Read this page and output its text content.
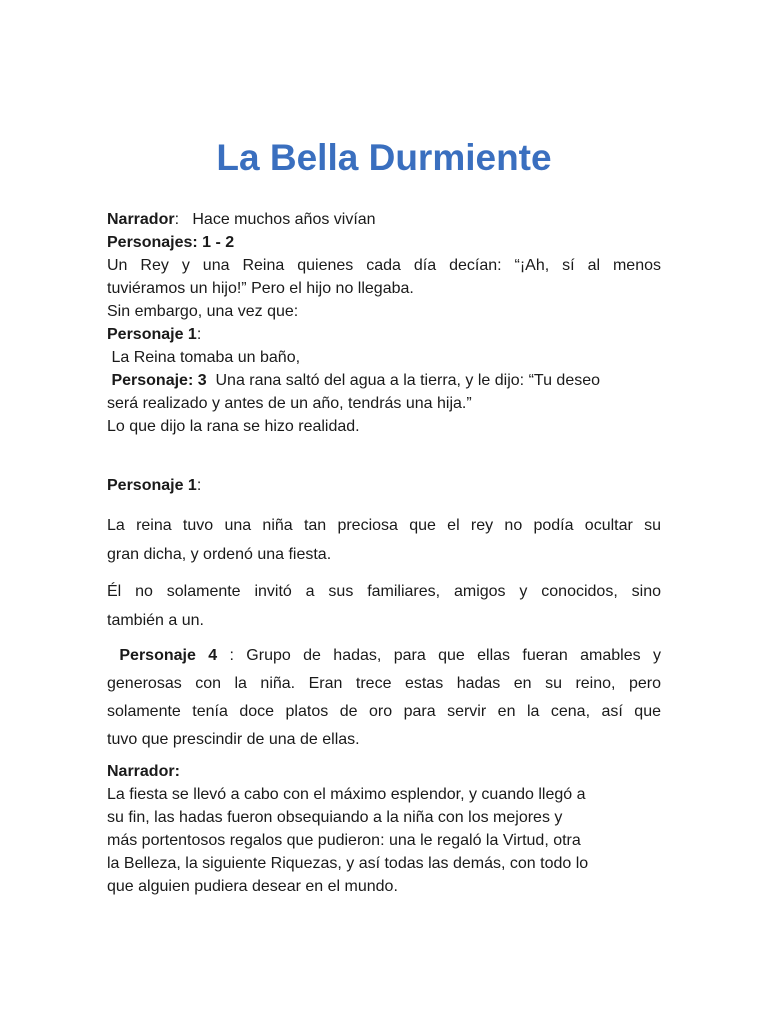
La Bella Durmiente
Narrador: Hace muchos años vivían
Personajes: 1 - 2
Un Rey y una Reina quienes cada día decían: “¡Ah, sí al menos
tuviéramos un hijo!” Pero el hijo no llegaba.
Sin embargo, una vez que:
Personaje 1:
La Reina tomaba un baño,
Personaje: 3 Una rana saltó del agua a la tierra, y le dijo: “Tu deseo
será realizado y antes de un año, tendrás una hija.”
Lo que dijo la rana se hizo realidad.
Personaje 1:
La reina tuvo una niña tan preciosa que el rey no podía ocultar su
gran dicha, y ordenó una fiesta.
Él no solamente invitó a sus familiares, amigos y conocidos, sino
también a un.
Personaje 4 : Grupo de hadas, para que ellas fueran amables y
generosas con la niña. Eran trece estas hadas en su reino, pero
solamente tenía doce platos de oro para servir en la cena, así que
tuvo que prescindir de una de ellas.
Narrador:
La fiesta se llevó a cabo con el máximo esplendor, y cuando llegó a
su fin, las hadas fueron obsequiando a la niña con los mejores y
más portentosos regalos que pudieron: una le regaló la Virtud, otra
la Belleza, la siguiente Riquezas, y así todas las demás, con todo lo
que alguien pudiera desear en el mundo.
